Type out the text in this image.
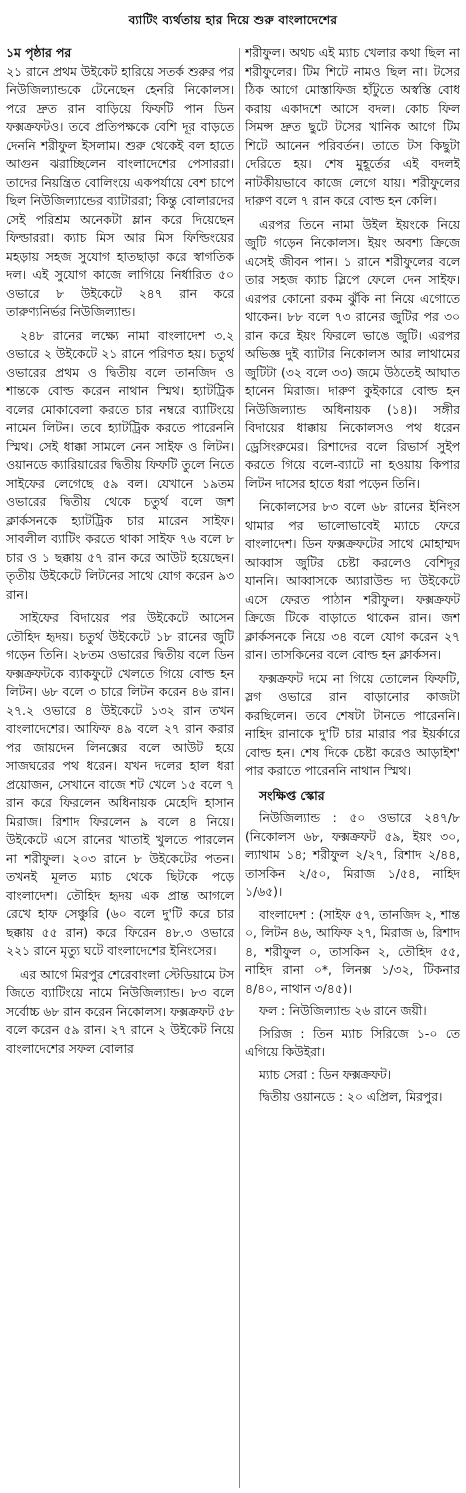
ব্যাটিং ব্যর্থতায় হার দিয়ে শুরু বাংলাদেশের
১ম পৃষ্ঠার পর

২১ রানে প্রথম উইকেট হারিয়ে সতর্ক শুরুর পর নিউজিল্যান্ডকে টেনেছেন হেনরি নিকোলস। পরে দ্রুত রান বাড়িয়ে ফিফটি পান ডিন ফক্সক্রফটও। তবে প্রতিপক্ষকে বেশি দূর বাড়তে দেননি শরীফুল ইসলাম। শুরু থেকেই বল হাতে আগুন ঝরাচ্ছিলেন বাংলাদেশের পেসাররা। তাদের নিয়ন্ত্রিত বোলিংয়ে একপর্যায়ে বেশ চাপে ছিল নিউজিল্যান্ডের ব্যাটাররা; কিন্তু বোলারদের সেই পরিশ্রম অনেকটা ম্লান করে দিয়েছেন ফিল্ডাররা। ক্যাচ মিস আর মিস ফিল্ডিংয়ের মহড়ায় সহজ সুযোগ হাতছাড়া করে স্বাগতিক দল। এই সুযোগ কাজে লাগিয়ে নির্ধারিত ৫০ ওভারে ৮ উইকেটে ২৪৭ রান করে তারুণ্যনির্ভর নিউজিল্যান্ড।

২৪৮ রানের লক্ষ্যে নামা বাংলাদেশ ৩.২ ওভারে ২ উইকেটে ২১ রানে পরিণত হয়। চতুর্থ ওভারের প্রথম ও দ্বিতীয় বলে তানজিদ ও শান্তকে বোল্ড করেন নাথান স্মিথ। হ্যাটট্রিক বলের মোকাবেলা করতে চার নম্বরে ব্যাটিংয়ে নামেন লিটন। তবে হ্যাটট্রিক করতে পারেননি স্মিথ। সেই ধাক্কা সামলে নেন সাইফ ও লিটন। ওয়ানডে ক্যারিয়ারের দ্বিতীয় ফিফটি তুলে নিতে সাইফের লেগেছে ৫৯ বল। যেখানে ১৯তম ওভারের দ্বিতীয় থেকে চতুর্থ বলে জশ ক্লার্কসনকে হ্যাটট্রিক চার মারেন সাইফ। সাবলীল ব্যাটিং করতে থাকা সাইফ ৭৬ বলে ৮ চার ও ১ ছক্কায় ৫৭ রান করে আউট হয়েছেন। তৃতীয় উইকেটে লিটনের সাথে যোগ করেন ৯৩ রান।

সাইফের বিদায়ের পর উইকেটে আসেন তৌহিদ হৃদয়। চতুর্থ উইকেটে ১৮ রানের জুটি গড়েন তিনি। ২৮তম ওভারের দ্বিতীয় বলে ডিন ফক্সক্রফটকে ব্যাকফুটে খেলতে গিয়ে বোল্ড হন লিটন। ৬৮ বলে ৩ চারে লিটন করেন ৪৬ রান। ২৭.২ ওভারে ৪ উইকেটে ১৩২ রান তখন বাংলাদেশের। আফিফ ৪৯ বলে ২৭ রান করার পর জায়দেন লিনক্সের বলে আউট হয়ে সাজঘরের পথ ধরেন। যখন দলের হাল ধরা প্রয়োজন, সেখানে বাজে শট খেলে ১৫ বলে ৭ রান করে ফিরলেন অধিনায়ক মেহেদি হাসান মিরাজ। রিশাদ ফিরলেন ৯ বলে ৪ নিয়ে। উইকেটে এসে রানের খাতাই খুলতে পারলেন না শরীফুল। ২০৩ রানে ৮ উইকেটের পতন। তখনই মূলত ম্যাচ থেকে ছিটকে পড়ে বাংলাদেশ। তৌহিদ হৃদয় এক প্রান্ত আগলে রেখে হাফ সেঞ্চুরি (৬০ বলে দু'টি করে চার ছক্কায় ৫৫ রান) করে ফিরেন ৪৮.৩ ওভারে ২২১ রানে মৃত্যু ঘটে বাংলাদেশের ইনিংসের।

এর আগে মিরপুর শেরেবাংলা স্টেডিয়ামে টস জিতে ব্যাটিংয়ে নামে নিউজিল্যান্ড। ৮৩ বলে সর্বোচ্চ ৬৮ রান করেন নিকোলস। ফক্সক্রফট ৫৮ বলে করেন ৫৯ রান। ২৭ রানে ২ উইকেট নিয়ে বাংলাদেশের সফল বোলার

শরীফুল। অথচ এই ম্যাচ খেলার কথা ছিল না শরীফুলের। টিম শিটে নামও ছিল না। টসের ঠিক আগে মোস্তাফিজ হাঁটুতে অস্বস্তি বোধ করায় একাদশে আসে বদল। কোচ ফিল সিমন্স দ্রুত ছুটে টসের খানিক আগে টিম শিটে আনেন পরিবর্তন। তাতে টস কিছুটা দেরিতে হয়। শেষ মুহূর্তের এই বদলই নাটকীয়ভাবে কাজে লেগে যায়। শরীফুলের দারুণ বলে ৭ রান করে বোল্ড হন কেলি।

এরপর তিনে নামা উইল ইয়ংকে নিয়ে জুটি গড়েন নিকোলস। ইয়ং অবশ্য ক্রিজে এসেই জীবন পান। ১ রানে শরীফুলের বলে তার সহজ ক্যাচ স্লিপে ফেলে দেন সাইফ। এরপর কোনো রকম ঝুঁকি না নিয়ে এগোতে থাকেন। ৮৮ বলে ৭৩ রানের জুটির পর ৩০ রান করে ইয়ং ফিরলে ভাঙে জুটি। এরপর অভিজ্ঞ দুই ব্যাটার নিকোলস আর লাথামের জুটিটা (৩২ বলে ৩৩) জমে উঠতেই আঘাত হানেন মিরাজ। দারুণ কুইকারে বোল্ড হন নিউজিল্যান্ড অধিনায়ক (১৪)। সঙ্গীর বিদায়ের ধাক্কায় নিকোলসও পথ ধরেন ড্রেসিংরুমের। রিশাদের বলে রিভার্স সুইপ করতে গিয়ে বলে-ব্যাটে না হওয়ায় কিপার লিটন দাসের হাতে ধরা পড়েন তিনি।

নিকোলসের ৮৩ বলে ৬৮ রানের ইনিংস থামার পর ভালোভাবেই ম্যাচে ফেরে বাংলাদেশ। ডিন ফক্সক্রফটের সাথে মোহাম্মদ আব্বাস জুটির চেষ্টা করলেও বেশিদূর যাননি। আব্বাসকে অ্যারাউন্ড দ্য উইকেটে এসে ফেরত পাঠান শরীফুল। ফক্সক্রফট ক্রিজে টিকে বাড়াতে থাকেন রান। জশ ক্লার্কসনকে নিয়ে ৩৪ বলে যোগ করেন ২৭ রান। তাসকিনের বলে বোল্ড হন ক্লার্কসন।

ফক্সক্রফট দমে না গিয়ে তোলেন ফিফটি, স্লগ ওভারে রান বাড়ানোর কাজটা করছিলেন। তবে শেষটা টানতে পারেননি। নাহিদ রানাকে দু'টি চার মারার পর ইয়র্কারে বোল্ড হন। শেষ দিকে চেষ্টা করেও আড়াইশ' পার করাতে পারেননি নাথান স্মিথ।

সংক্ষিপ্ত স্কোর

নিউজিল্যান্ড : ৫০ ওভারে ২৪৭/৮ (নিকোলস ৬৮, ফক্সক্রফট ৫৯, ইয়ং ৩০, ল্যাথাম ১৪; শরীফুল ২/২৭, রিশাদ ২/৪৪, তাসকিন ২/৫০, মিরাজ ১/৫৪, নাহিদ ১/৬৫)।

বাংলাদেশ : (সাইফ ৫৭, তানজিদ ২, শান্ত ০, লিটন ৪৬, আফিফ ২৭, মিরাজ ৬, রিশাদ ৪, শরীফুল ০, তাসকিন ২, তৌহিদ ৫৫, নাহিদ রানা ০*, লিনক্স ১/৩২, টিকনার ৪/৪০, নাথান ৩/৪৫)।

ফল : নিউজিল্যান্ড ২৬ রানে জয়ী।

সিরিজ : তিন ম্যাচ সিরিজে ১-০ তে এগিয়ে কিউইরা।

ম্যাচ সেরা : ডিন ফক্সক্রফট।

দ্বিতীয় ওয়ানডে : ২০ এপ্রিল, মিরপুর।
